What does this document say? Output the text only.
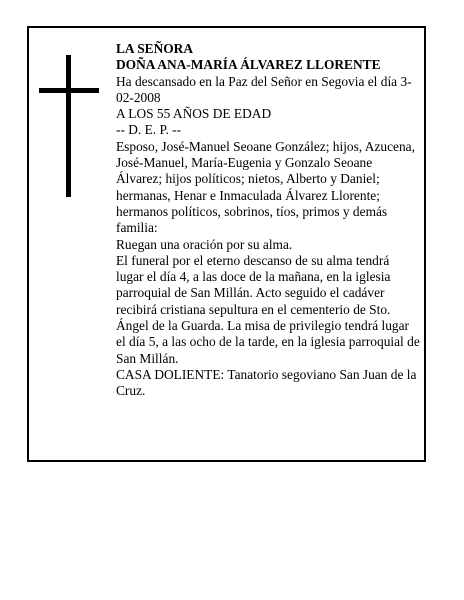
LA SEÑORA

DOÑA ANA-MARÍA ÁLVAREZ LLORENTE

Ha descansado en la Paz del Señor en Segovia el día 3-02-2008

A LOS 55 AÑOS DE EDAD

-- D. E. P. --

Esposo, José-Manuel Seoane González; hijos, Azucena, José-Manuel, María-Eugenia y Gonzalo Seoane Álvarez; hijos políticos; nietos, Alberto y Daniel; hermanas, Henar e Inmaculada Álvarez Llorente; hermanos políticos, sobrinos, tíos, primos y demás familia:

Ruegan una oración por su alma.

El funeral por el eterno descanso de su alma tendrá lugar el día 4, a las doce de la mañana, en la iglesia parroquial de San Millán. Acto seguido el cadáver recibirá cristiana sepultura en el cementerio de Sto. Ángel de la Guarda. La misa de privilegio tendrá lugar el día 5, a las ocho de la tarde, en la iglesia parroquial de San Millán.

CASA DOLIENTE: Tanatorio segoviano San Juan de la Cruz.
